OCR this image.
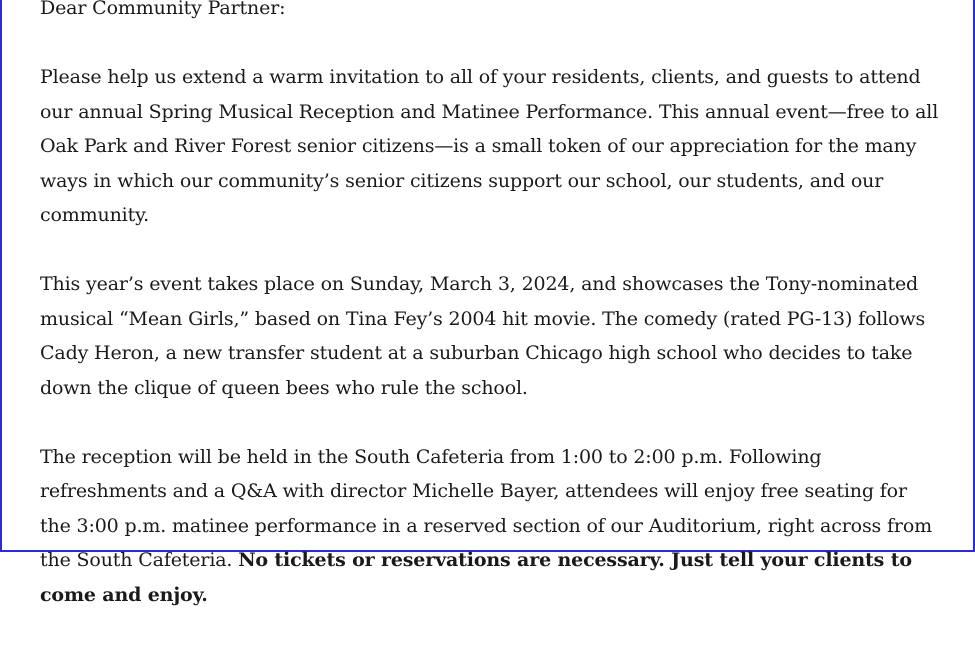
Dear Community Partner:

Please help us extend a warm invitation to all of your residents, clients, and guests to attend our annual Spring Musical Reception and Matinee Performance. This annual event—free to all Oak Park and River Forest senior citizens—is a small token of our appreciation for the many ways in which our community’s senior citizens support our school, our students, and our community.

This year’s event takes place on Sunday, March 3, 2024, and showcases the Tony-nominated musical “Mean Girls,” based on Tina Fey’s 2004 hit movie. The comedy (rated PG-13) follows Cady Heron, a new transfer student at a suburban Chicago high school who decides to take down the clique of queen bees who rule the school.

The reception will be held in the South Cafeteria from 1:00 to 2:00 p.m. Following refreshments and a Q&A with director Michelle Bayer, attendees will enjoy free seating for the 3:00 p.m. matinee performance in a reserved section of our Auditorium, right across from the South Cafeteria. No tickets or reservations are necessary. Just tell your clients to come and enjoy.
